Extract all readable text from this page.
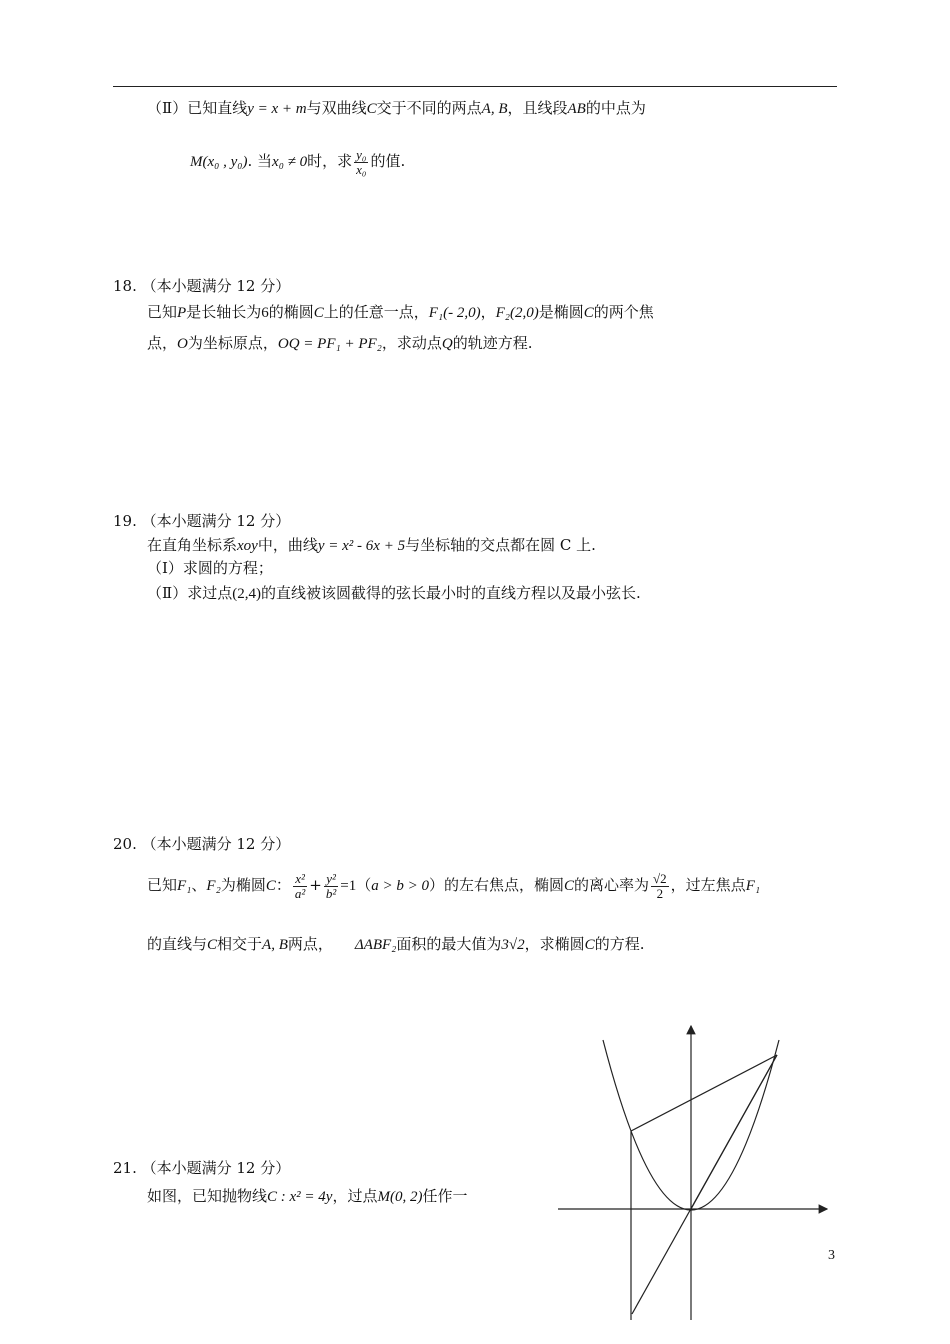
（Ⅱ）已知直线y = x + m与双曲线C交于不同的两点A, B，且线段AB的中点为
M(x₀ , y₀). 当x₀ ≠ 0时，求 $\frac{\text{y₀}}{\text{x₀}}$ 的值.
18. （本小题满分 12 分）
已知P是长轴长为6的椭圆C上的任意一点，F₁(- 2,0)，F₂(2,0)是椭圆C的两个焦
点，O为坐标原点，OQ = PF₁ + PF₂，求动点Q的轨迹方程.
19. （本小题满分 12 分）
在直角坐标系xoy中，曲线y = x² - 6x + 5与坐标轴的交点都在圆 C 上.
（Ⅰ）求圆的方程；
（Ⅱ）求过点(2,4)的直线被该圆截得的弦长最小时的直线方程以及最小弦长.
20. （本小题满分 12 分）
已知F₁、F₂为椭圆C： $\frac{\text{x²}}{\text{a²}} + \frac{\text{y²}}{\text{b²}} =1(a > b > 0)$的左右焦点，椭圆C的离心率为 $\frac{√2}{2}$ ，过左焦点F₁
的直线与C相交于A, B两点， ΔABF₂面积的最大值为3√2，求椭圆C的方程.
21. （本小题满分 12 分）
如图，已知抛物线C : x² = 4y，过点M(0, 2)任作一
3
